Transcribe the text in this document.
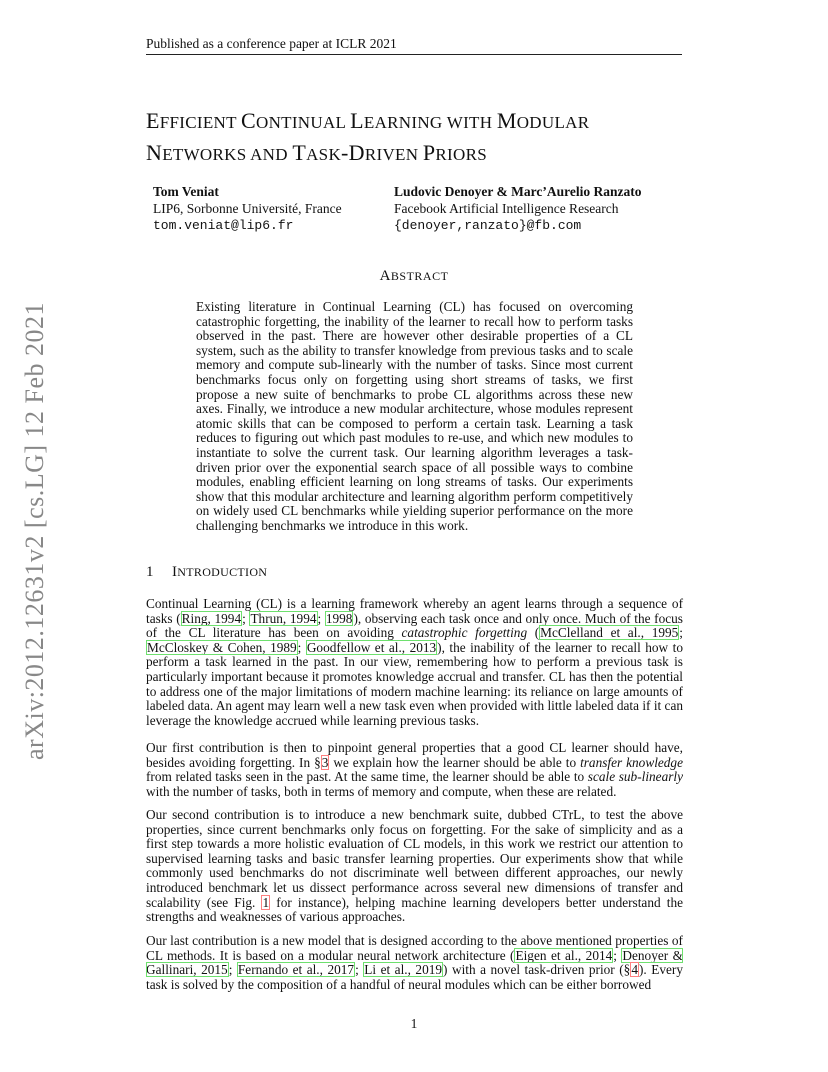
Published as a conference paper at ICLR 2021
EFFICIENT CONTINUAL LEARNING WITH MODULAR
NETWORKS AND TASK-DRIVEN PRIORS
Tom Veniat
LIP6, Sorbonne Université, France
tom.veniat@lip6.fr
Ludovic Denoyer & Marc’Aurelio Ranzato
Facebook Artificial Intelligence Research
{denoyer,ranzato}@fb.com
ABSTRACT
Existing literature in Continual Learning (CL) has focused on overcoming catastrophic forgetting, the inability of the learner to recall how to perform tasks observed in the past. There are however other desirable properties of a CL system, such as the ability to transfer knowledge from previous tasks and to scale memory and compute sub-linearly with the number of tasks. Since most current benchmarks focus only on forgetting using short streams of tasks, we first propose a new suite of benchmarks to probe CL algorithms across these new axes. Finally, we introduce a new modular architecture, whose modules represent atomic skills that can be composed to perform a certain task. Learning a task reduces to figuring out which past modules to re-use, and which new modules to instantiate to solve the current task. Our learning algorithm leverages a task-driven prior over the exponential search space of all possible ways to combine modules, enabling efficient learning on long streams of tasks. Our experiments show that this modular architecture and learning algorithm perform competitively on widely used CL benchmarks while yielding superior performance on the more challenging benchmarks we introduce in this work.
1 INTRODUCTION

Continual Learning (CL) is a learning framework whereby an agent learns through a sequence of tasks (Ring, 1994; Thrun, 1994; 1998), observing each task once and only once. Much of the focus of the CL literature has been on avoiding catastrophic forgetting (McClelland et al., 1995; McCloskey & Cohen, 1989; Goodfellow et al., 2013), the inability of the learner to recall how to perform a task learned in the past. In our view, remembering how to perform a previous task is particularly important because it promotes knowledge accrual and transfer. CL has then the potential to address one of the major limitations of modern machine learning: its reliance on large amounts of labeled data. An agent may learn well a new task even when provided with little labeled data if it can leverage the knowledge accrued while learning previous tasks.

Our first contribution is then to pinpoint general properties that a good CL learner should have, besides avoiding forgetting. In §3 we explain how the learner should be able to transfer knowledge from related tasks seen in the past. At the same time, the learner should be able to scale sub-linearly with the number of tasks, both in terms of memory and compute, when these are related.

Our second contribution is to introduce a new benchmark suite, dubbed CTrL, to test the above properties, since current benchmarks only focus on forgetting. For the sake of simplicity and as a first step towards a more holistic evaluation of CL models, in this work we restrict our attention to supervised learning tasks and basic transfer learning properties. Our experiments show that while commonly used benchmarks do not discriminate well between different approaches, our newly introduced benchmark let us dissect performance across several new dimensions of transfer and scalability (see Fig. 1 for instance), helping machine learning developers better understand the strengths and weaknesses of various approaches.

Our last contribution is a new model that is designed according to the above mentioned properties of CL methods. It is based on a modular neural network architecture (Eigen et al., 2014; Denoyer & Gallinari, 2015; Fernando et al., 2017; Li et al., 2019) with a novel task-driven prior (§4). Every task is solved by the composition of a handful of neural modules which can be either borrowed

arXiv:2012.12631v2 [cs.LG] 12 Feb 2021
1
